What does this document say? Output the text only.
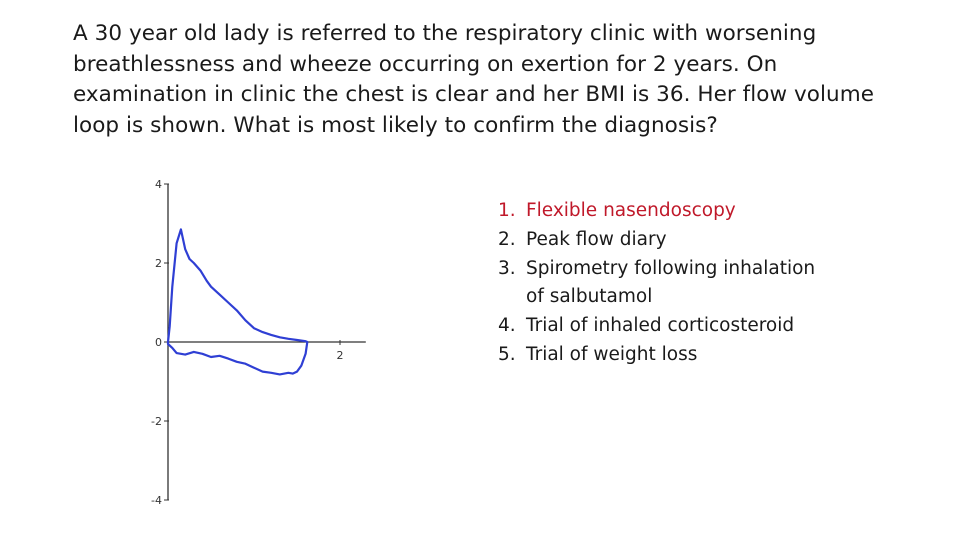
A 30 year old lady is referred to the respiratory clinic with worsening breathlessness and wheeze occurring on exertion for 2 years. On examination in clinic the chest is clear and her BMI is 36. Her flow volume loop is shown. What is most likely to confirm the diagnosis?
4
2
0
-2
-4
2
1. Flexible nasendoscopy
2. Peak flow diary
3. Spirometry following inhalation of salbutamol
4. Trial of inhaled corticosteroid
5. Trial of weight loss
